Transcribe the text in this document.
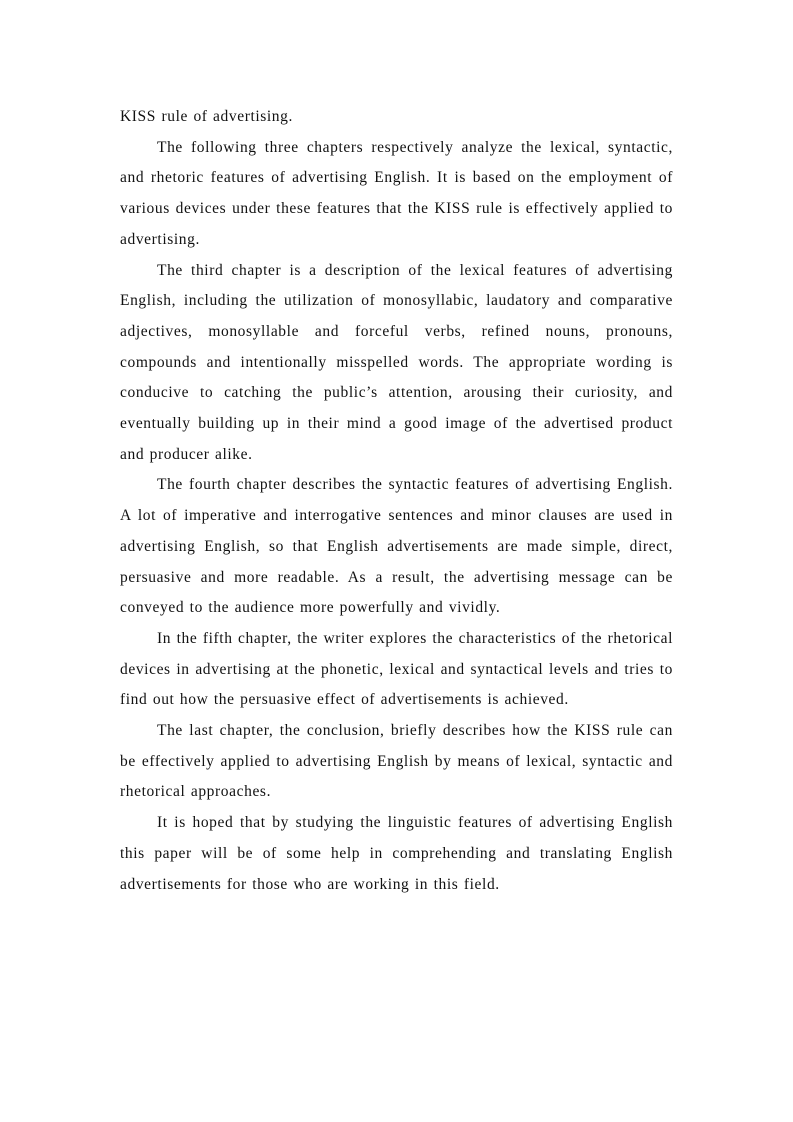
KISS rule of advertising.

The following three chapters respectively analyze the lexical, syntactic, and rhetoric features of advertising English. It is based on the employment of various devices under these features that the KISS rule is effectively applied to advertising.

The third chapter is a description of the lexical features of advertising English, including the utilization of monosyllabic, laudatory and comparative adjectives, monosyllable and forceful verbs, refined nouns, pronouns, compounds and intentionally misspelled words. The appropriate wording is conducive to catching the public’s attention, arousing their curiosity, and eventually building up in their mind a good image of the advertised product and producer alike.

The fourth chapter describes the syntactic features of advertising English. A lot of imperative and interrogative sentences and minor clauses are used in advertising English, so that English advertisements are made simple, direct, persuasive and more readable. As a result, the advertising message can be conveyed to the audience more powerfully and vividly.

In the fifth chapter, the writer explores the characteristics of the rhetorical devices in advertising at the phonetic, lexical and syntactical levels and tries to find out how the persuasive effect of advertisements is achieved.

The last chapter, the conclusion, briefly describes how the KISS rule can be effectively applied to advertising English by means of lexical, syntactic and rhetorical approaches.

It is hoped that by studying the linguistic features of advertising English this paper will be of some help in comprehending and translating English advertisements for those who are working in this field.
